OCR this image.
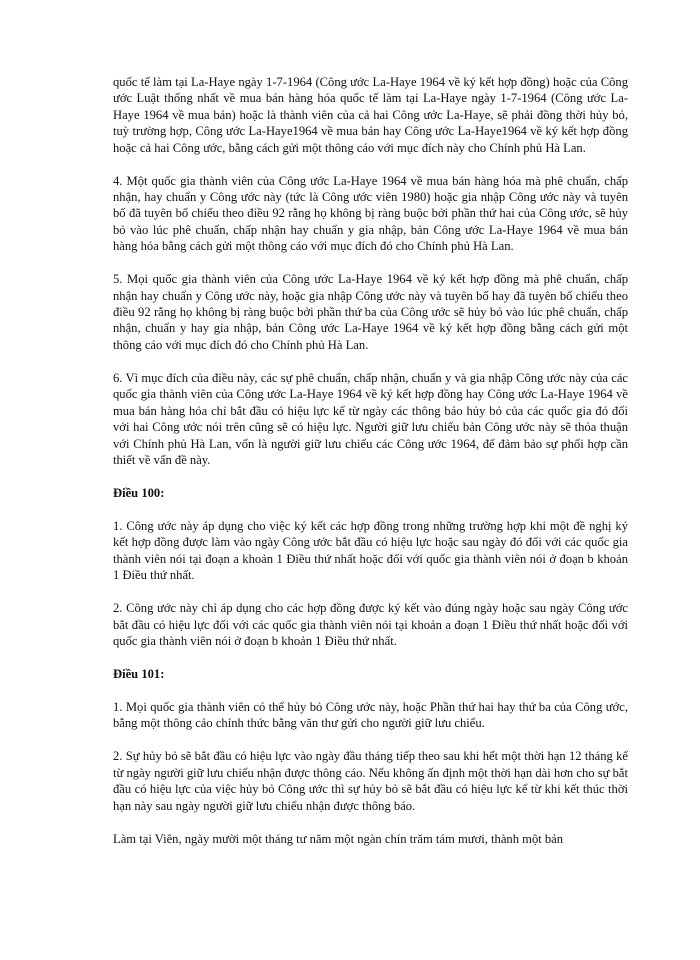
quốc tế làm tại La-Haye ngày 1-7-1964 (Công ước La-Haye 1964 về ký kết hợp đồng) hoặc của Công ước Luật thống nhất về mua bán hàng hóa quốc tế làm tại La-Haye ngày 1-7-1964 (Công ước La-Haye 1964 về mua bán) hoặc là thành viên của cả hai Công ước La-Haye, sẽ phải đồng thời hủy bỏ, tuỳ trường hợp, Công ước La-Haye1964 về mua bán hay Công ước La-Haye1964 về ký kết hợp đồng hoặc cả hai Công ước, bằng cách gửi một thông cáo với mục đích này cho Chính phủ Hà Lan.

4. Một quốc gia thành viên của Công ước La-Haye 1964 về mua bán hàng hóa mà phê chuẩn, chấp nhận, hay chuẩn y Công ước này (tức là Công ước viên 1980) hoặc gia nhập Công ước này và tuyên bố đã tuyên bố chiếu theo điều 92 rằng họ không bị ràng buộc bởi phần thứ hai của Công ước, sẽ hủy bỏ vào lúc phê chuẩn, chấp nhận hay chuẩn y gia nhập, bản Công ước La-Haye 1964 về mua bán hàng hóa bằng cách gửi một thông cáo với mục đích đó cho Chính phủ Hà Lan.

5. Mọi quốc gia thành viên của Công ước La-Haye 1964 về ký kết hợp đồng mà phê chuẩn, chấp nhận hay chuẩn y Công ước này, hoặc gia nhập Công ước này và tuyên bố hay đã tuyên bố chiếu theo điều 92 rằng họ không bị ràng buộc bởi phần thứ ba của Công ước sẽ hủy bỏ vào lúc phê chuẩn, chấp nhận, chuẩn y hay gia nhập, bản Công ước La-Haye 1964 về ký kết hợp đồng bằng cách gửi một thông cáo với mục đích đó cho Chính phủ Hà Lan.

6. Vì mục đích của điều này, các sự phê chuẩn, chấp nhận, chuẩn y và gia nhập Công ước này của các quốc gia thành viên của Công ước La-Haye 1964 về ký kết hợp đồng hay Công ước La-Haye 1964 về mua bán hàng hóa chỉ bắt đầu có hiệu lực kể từ ngày các thông báo hủy bỏ của các quốc gia đó đối với hai Công ước nói trên cũng sẽ có hiệu lực. Người giữ lưu chiểu bản Công ước này sẽ thỏa thuận với Chính phủ Hà Lan, vốn là người giữ lưu chiểu các Công ước 1964, để đảm bảo sự phối hợp cần thiết về vấn đề này.

Điều 100:

1. Công ước này áp dụng cho việc ký kết các hợp đồng trong những trường hợp khi một đề nghị ký kết hợp đồng được làm vào ngày Công ước bắt đầu có hiệu lực hoặc sau ngày đó đối với các quốc gia thành viên nói tại đoạn a khoản 1 Điều thứ nhất hoặc đối với quốc gia thành viên nói ở đoạn b khoản 1 Điều thứ nhất.

2. Công ước này chỉ áp dụng cho các hợp đồng được ký kết vào đúng ngày hoặc sau ngày Công ước bắt đầu có hiệu lực đối với các quốc gia thành viên nói tại khoản a đoạn 1 Điều thứ nhất hoặc đối với quốc gia thành viên nói ở đoạn b khoản 1 Điều thứ nhất.

Điều 101:

1. Mọi quốc gia thành viên có thể hủy bỏ Công ước này, hoặc Phần thứ hai hay thứ ba của Công ước, bằng một thông cáo chính thức bằng văn thư gửi cho người giữ lưu chiểu.

2. Sự hủy bỏ sẽ bắt đầu có hiệu lực vào ngày đầu tháng tiếp theo sau khi hết một thời hạn 12 tháng kể từ ngày người giữ lưu chiểu nhận được thông cáo. Nếu không ấn định một thời hạn dài hơn cho sự bắt đầu có hiệu lực của việc hủy bỏ Công ước thì sự hủy bỏ sẽ bắt đầu có hiệu lực kể từ khi kết thúc thời hạn này sau ngày người giữ lưu chiểu nhận được thông báo.

Làm tại Viên, ngày mười một tháng tư năm một ngàn chín trăm tám mươi, thành một bản
